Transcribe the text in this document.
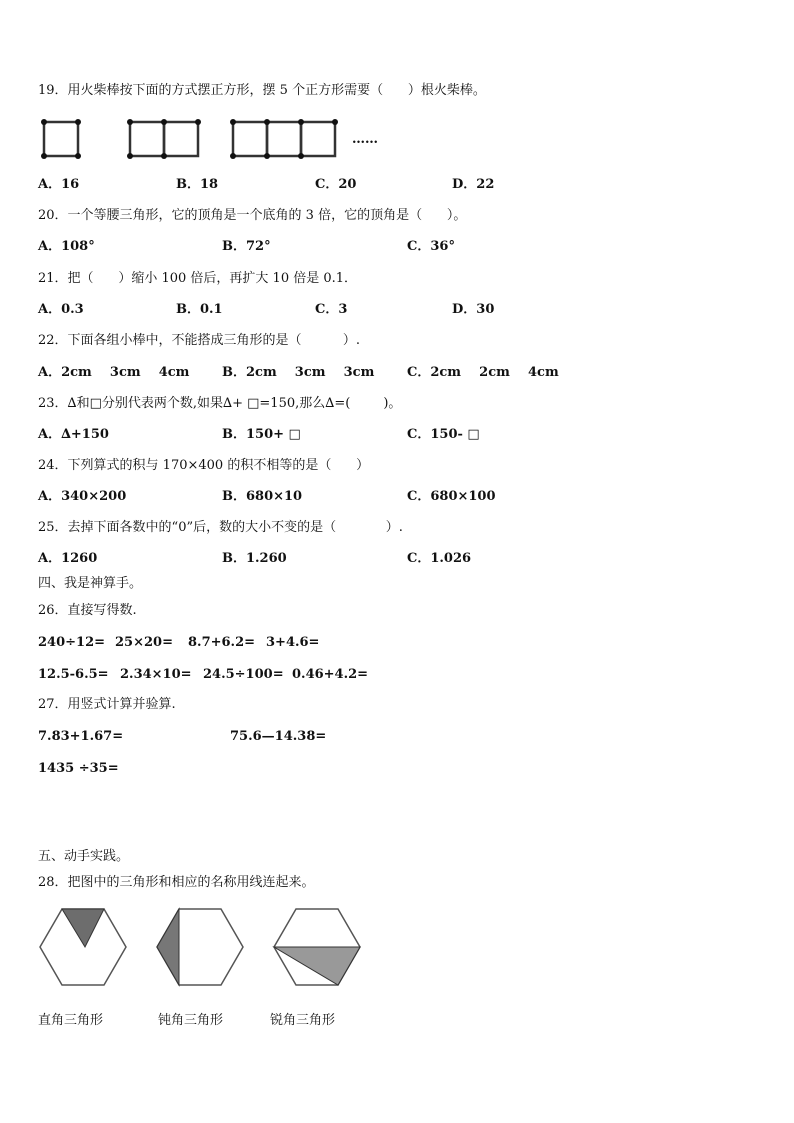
19．用火柴棒按下面的方式摆正方形，摆 5 个正方形需要（      ）根火柴棒。
……
A．16	B．18	C．20	D．22
20．一个等腰三角形，它的顶角是一个底角的 3 倍，它的顶角是（      ）。
A．108°	B．72°	C．36°
21．把（      ）缩小 100 倍后，再扩大 10 倍是 0.1．
A．0.3	B．0.1	C．3	D．30
22．下面各组小棒中，不能搭成三角形的是（          ）.
A．2cm    3cm    4cm	B．2cm    3cm    3cm	C．2cm    2cm    4cm
23．∆和□分别代表两个数,如果∆+ □=150,那么∆=(        )。
A．∆+150	B．150+ □	C．150- □
24．下列算式的积与 170×400 的积不相等的是（      ）
A．340×200	B．680×10	C．680×100
25．去掉下面各数中的“0”后，数的大小不变的是（            ）.
A．1260	B．1.260	C．1.026
四、我是神算手。
26．直接写得数.
240÷12= 25×20= 8.7+6.2= 3+4.6=
12.5-6.5= 2.34×10= 24.5÷100= 0.46+4.2=
27．用竖式计算并验算.
7.83+1.67=	75.6—14.38=
1435 ÷35=
五、动手实践。
28．把图中的三角形和相应的名称用线连起来。
直角三角形	钝角三角形	锐角三角形
